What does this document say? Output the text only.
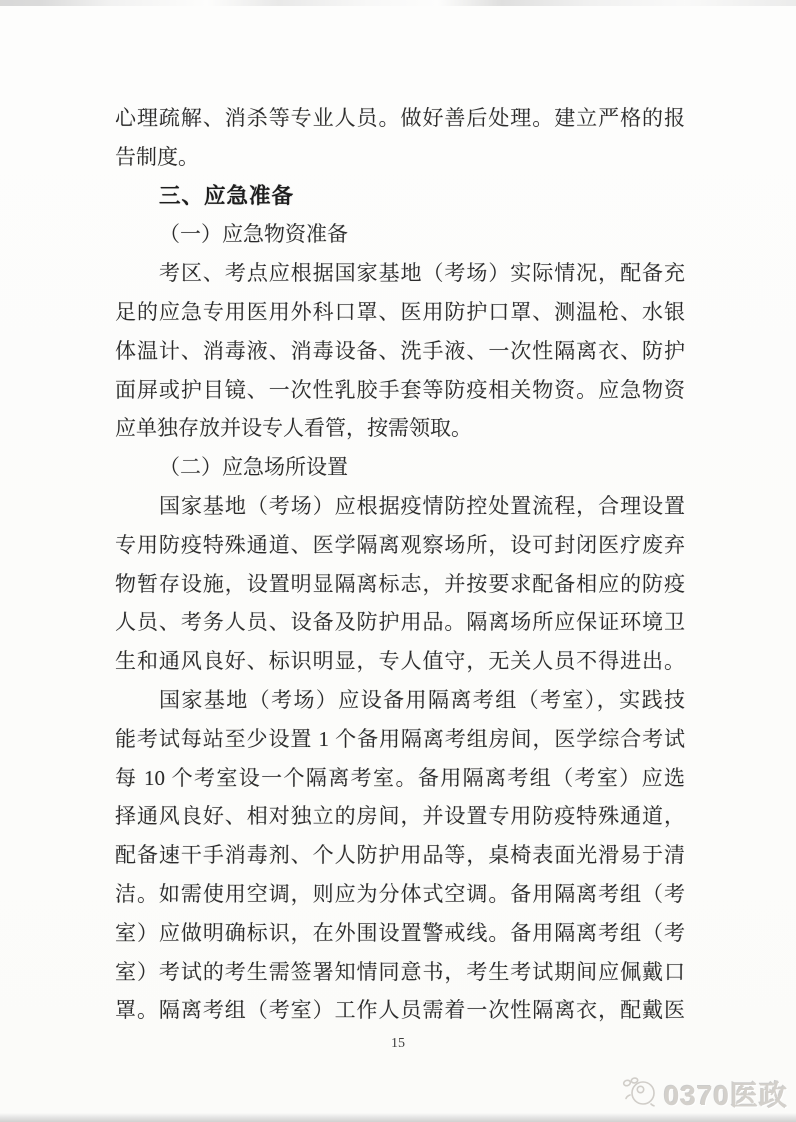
心理疏解、消杀等专业人员。做好善后处理。建立严格的报
告制度。
三、应急准备
（一）应急物资准备
考区、考点应根据国家基地（考场）实际情况，配备充
足的应急专用医用外科口罩、医用防护口罩、测温枪、水银
体温计、消毒液、消毒设备、洗手液、一次性隔离衣、防护
面屏或护目镜、一次性乳胶手套等防疫相关物资。应急物资
应单独存放并设专人看管，按需领取。
（二）应急场所设置
国家基地（考场）应根据疫情防控处置流程，合理设置
专用防疫特殊通道、医学隔离观察场所，设可封闭医疗废弃
物暂存设施，设置明显隔离标志，并按要求配备相应的防疫
人员、考务人员、设备及防护用品。隔离场所应保证环境卫
生和通风良好、标识明显，专人值守，无关人员不得进出。
国家基地（考场）应设备用隔离考组（考室），实践技
能考试每站至少设置 1 个备用隔离考组房间，医学综合考试
每 10 个考室设一个隔离考室。备用隔离考组（考室）应选
择通风良好、相对独立的房间，并设置专用防疫特殊通道，
配备速干手消毒剂、个人防护用品等，桌椅表面光滑易于清
洁。如需使用空调，则应为分体式空调。备用隔离考组（考
室）应做明确标识，在外围设置警戒线。备用隔离考组（考
室）考试的考生需签署知情同意书，考生考试期间应佩戴口
罩。隔离考组（考室）工作人员需着一次性隔离衣，配戴医
15
0370医政
